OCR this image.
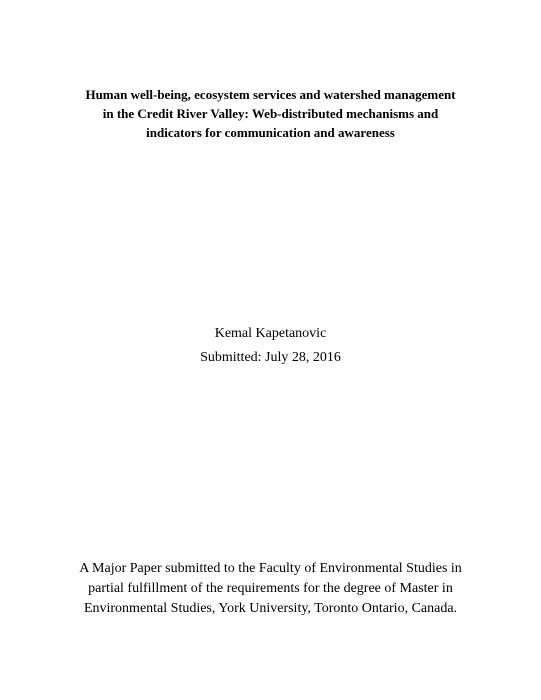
Human well-being, ecosystem services and watershed management
in the Credit River Valley: Web-distributed mechanisms and
indicators for communication and awareness
Kemal Kapetanovic
Submitted: July 28, 2016
A Major Paper submitted to the Faculty of Environmental Studies in
partial fulfillment of the requirements for the degree of Master in
Environmental Studies, York University, Toronto Ontario, Canada.
